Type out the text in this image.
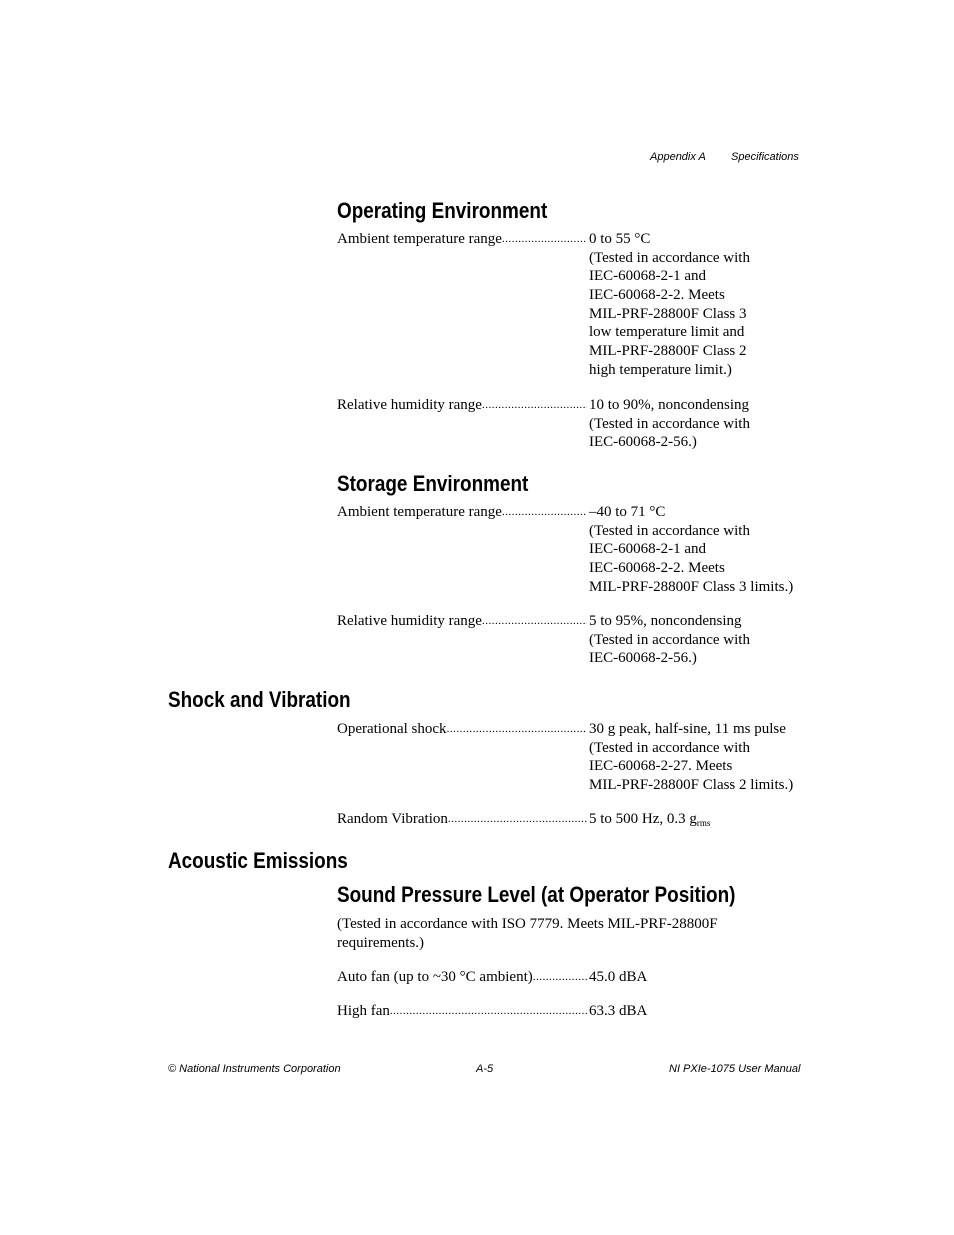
Appendix A Specifications
Operating Environment
Ambient temperature range .....	0 to 55 °C
(Tested in accordance with
IEC-60068-2-1 and
IEC-60068-2-2. Meets
MIL-PRF-28800F Class 3
low temperature limit and
MIL-PRF-28800F Class 2
high temperature limit.)
Relative humidity range .....	10 to 90%, noncondensing
(Tested in accordance with
IEC-60068-2-56.)
Storage Environment
Ambient temperature range .....	–40 to 71 °C
(Tested in accordance with
IEC-60068-2-1 and
IEC-60068-2-2. Meets
MIL-PRF-28800F Class 3 limits.)
Relative humidity range .....	5 to 95%, noncondensing
(Tested in accordance with
IEC-60068-2-56.)
Shock and Vibration
Operational shock .....	30 g peak, half-sine, 11 ms pulse
(Tested in accordance with
IEC-60068-2-27. Meets
MIL-PRF-28800F Class 2 limits.)
Random Vibration .....	5 to 500 Hz, 0.3 $g_{rms}$
Acoustic Emissions
Sound Pressure Level (at Operator Position)
(Tested in accordance with ISO 7779. Meets MIL-PRF-28800F requirements.)
Auto fan (up to ~30 °C ambient) .....	45.0 dBA
High fan .....	63.3 dBA
© National Instruments Corporation	A-5	NI PXIe-1075 User Manual
